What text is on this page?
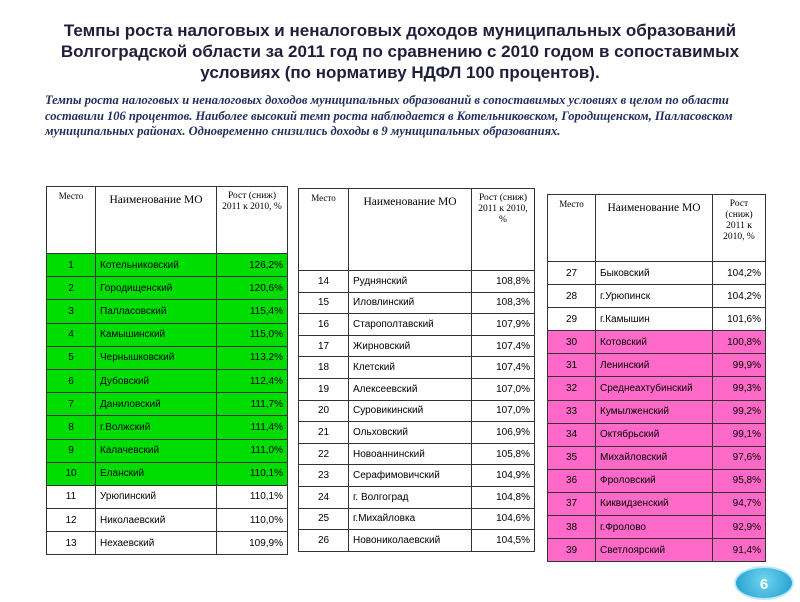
Темпы роста налоговых и неналоговых доходов муниципальных образований Волгоградской области за 2011 год по сравнению с 2010 годом в сопоставимых условиях (по нормативу НДФЛ 100 процентов).
Темпы роста налоговых и неналоговых доходов муниципальных образований в сопоставимых условиях в целом по области составили 106 процентов. Наиболее высокий темп роста наблюдается в Котельниковском, Городищенском, Палласовском муниципальных районах. Одновременно снизились доходы в 9 муниципальных образованиях.
Место	Наименование МО	Рост (сниж) 2011 к 2010, %
1	Котельниковский	126,2%
2	Городищенский	120,6%
3	Палласовский	115,4%
4	Камышинский	115,0%
5	Чернышковский	113,2%
6	Дубовский	112,4%
7	Даниловский	111,7%
8	г.Волжский	111,4%
9	Калачевский	111,0%
10	Еланский	110,1%
11	Урюпинский	110,1%
12	Николаевский	110,0%
13	Нехаевский	109,9%
Место	Наименование МО	Рост (сниж) 2011 к 2010, %
14	Руднянский	108,8%
15	Иловлинский	108,3%
16	Старополтавский	107,9%
17	Жирновский	107,4%
18	Клетский	107,4%
19	Алексеевский	107,0%
20	Суровикинский	107,0%
21	Ольховский	106,9%
22	Новоаннинский	105,8%
23	Серафимовичский	104,9%
24	г. Волгоград	104,8%
25	г.Михайловка	104,6%
26	Новониколаевский	104,5%
Место	Наименование МО	Рост (сниж) 2011 к 2010, %
27	Быковский	104,2%
28	г.Урюпинск	104,2%
29	г.Камышин	101,6%
30	Котовский	100,8%
31	Ленинский	99,9%
32	Среднеахтубинский	99,3%
33	Кумылженский	99,2%
34	Октябрьский	99,1%
35	Михайловский	97,6%
36	Фроловский	95,8%
37	Киквидзенский	94,7%
38	г.Фролово	92,9%
39	Светлоярский	91,4%
6
